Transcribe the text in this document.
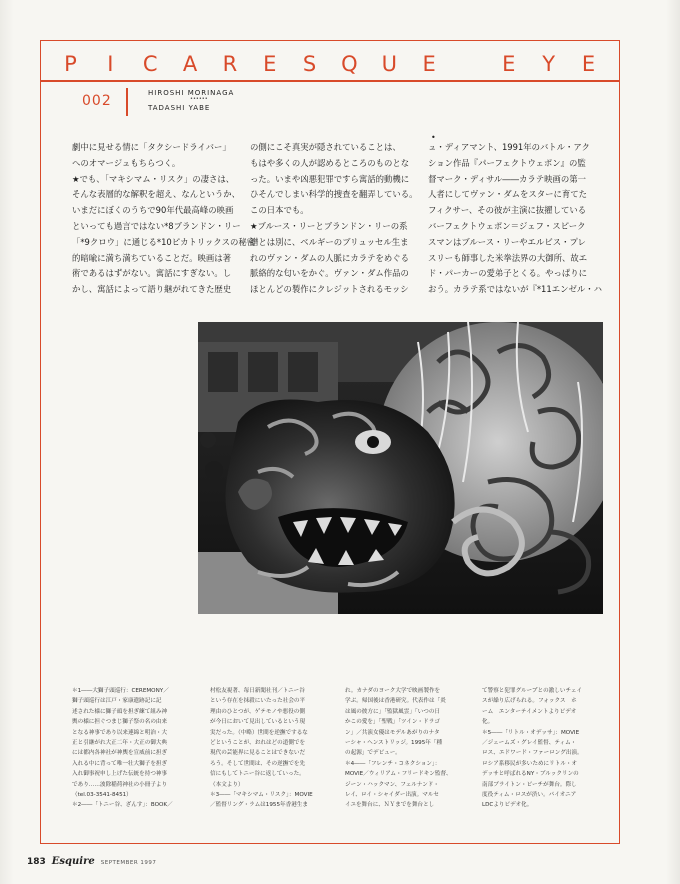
P	I	C A R E S Q U E	E Y E
002	HIROSHI MORINAGA
••••••
TADASHI YABE
•
劇中に見せる情に「タクシードライバー」
へのオマージュもちらつく。
★でも、「マキシマム・リスク」の凄さは、
そんな表層的な解釈を超え、なんというか、
いまだにぼくのうちで90年代最高峰の映画
といっても過言ではない*8ブランドン・リー
「*9クロウ」に通じる*10ピカトリックスの秘密
的暗喩に満ち満ちていることだ。映画は著
術であるはずがない。寓話にすぎない。し
かし、寓話によって語り継がれてきた歴史
の側にこそ真実が隠されていることは、
もはや多くの人が認めるところのものとな
った。いまや凶悪犯罪ですら寓話的動機に
ひそんでしまい科学的捜査を翻弄している。
この日本でも。
★ブルース・リーとブランドン・リーの系
譜とは別に、ベルギーのブリュッセル生ま
れのヴァン・ダムの人脈にカラテをめぐる
脈絡的な匂いをかぐ。ヴァン・ダム作品の
ほとんどの製作にクレジットされるモッシ
ュ・ディアマント、1991年のバトル・アク
ション作品『パーフェクトウェポン』の監
督マーク・ディサル――カラテ映画の第一
人者にしてヴァン・ダムをスターに育てた
フィクサー、その彼が主演に抜擢している
バーフェクトウェポン＝ジェフ・スピーク
スマンはブルース・リーやエルビス・プレ
スリーも師事した米拳法界の大御所、故エ
ド・パーカーの愛弟子とくる。やっぱりに
おう。カラテ系ではないが『*11エンゼル・ハ
＊1――大獅子頭巡行：CEREMONY／
獅子頭巡行は江戸・家康遺跡記に記
述された様に獅子頭を担ぎ練て組み神
輿の様に担ぐつまじ獅子祭の名の由来
となる神事であり以来連綿と明治・大
正と引継がれ大正二年・大正の御大典
には都内各神社が神輿を宣威前に担ぎ
入れる中に背って唯一壮大獅子を担ぎ
入れ御事祝申し上げた伝統を持つ神事
であり……波除稲荷神社の小冊子より
（tel.03-3541-8451）
＊2――「トニー谷、ざんす」：BOOK／
村松友視著、毎日新聞社刊／トニー谷
という存在を抹殺にいたった社会の平
理由のひとつが、ゲテモノや悪役の側
が今日において見出しているという現
実だった。（中略）世間を逆撫でするな
どということが、おれはどの道側でを
現代の芸能界に見ることはできないだ
ろう。そして世間は、その逆撫でを先
信にもしてトニー谷に返していった。
（本文より）
＊3――「マキシマム・リスク」：MOVIE
／監督リング・ラムは1955年香港生ま
れ。カナダのヨーク大学で映画製作を
学ぶ。帰国後は香港研究。代表作は「炎
は風の彼方に」「監獄風雲」「いつの日
かこの愛を」「聖戦」「ツイン・ドラゴ
ン」／共演女優はモデルあがりのナタ
ーシャ・ヘンストリッジ。1995年「種
の起源」でデビュー。
＊4――「フレンチ・コネクション」：
MOVIE／ウィリアム・フリードキン監督、
ジーン・ハックマン、フェルナンド・
レイ、ロイ・シャイダー出演。マルセ
イユを舞台に、ＮＹまでを舞台とし
て警察と犯罪グループとの激しいチェイ
スが繰り広げられる。フォックス　ホ
ーム　エンターテイメントよりビデオ
化。
＊5――「リトル・オデッサ」：MOVIE
／ジェームズ・グレイ監督、ティム・
ロス、エドワード・ファーロング出演。
ロシア系移民が多いためにリトル・オ
デッサと呼ばれるNY・ブルックリンの
南部ブライトン・ビーチが舞台。際し
度役ティム・ロスが渋い。パイオニア
LDCよりビデオ化。
183 Esquire SEPTEMBER 1997
